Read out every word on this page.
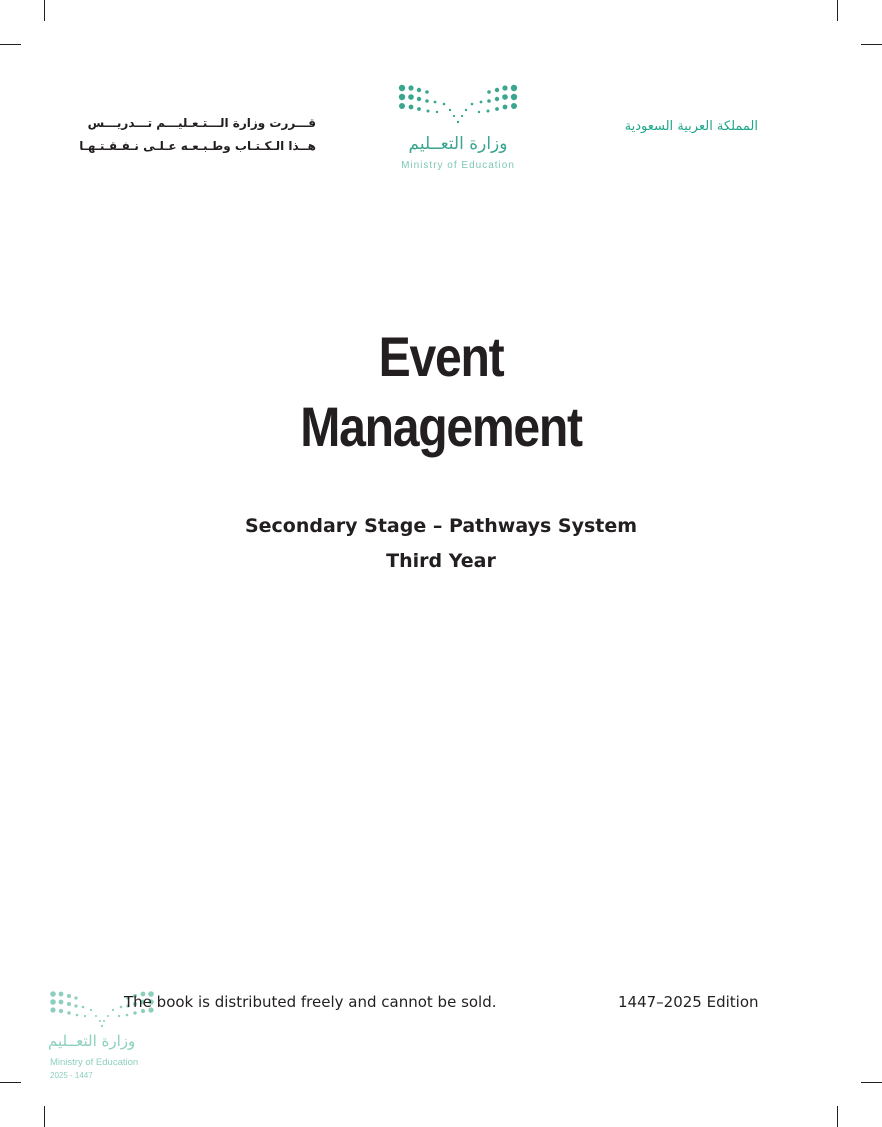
قـــررت وزارة الـــتـعـليـــم تـــدريـــس
هــذا الـكـتـاب وطـبـعـه عـلـى نـفـقـتـهـا	وزارة التعــليم
Ministry of Education
المملكة العربية السعودية
Event
Management
Secondary Stage – Pathways System
Third Year
وزارة التعــليم
Ministry of Education
2025 - 1447
The book is distributed freely and cannot be sold.	1447–2025 Edition
